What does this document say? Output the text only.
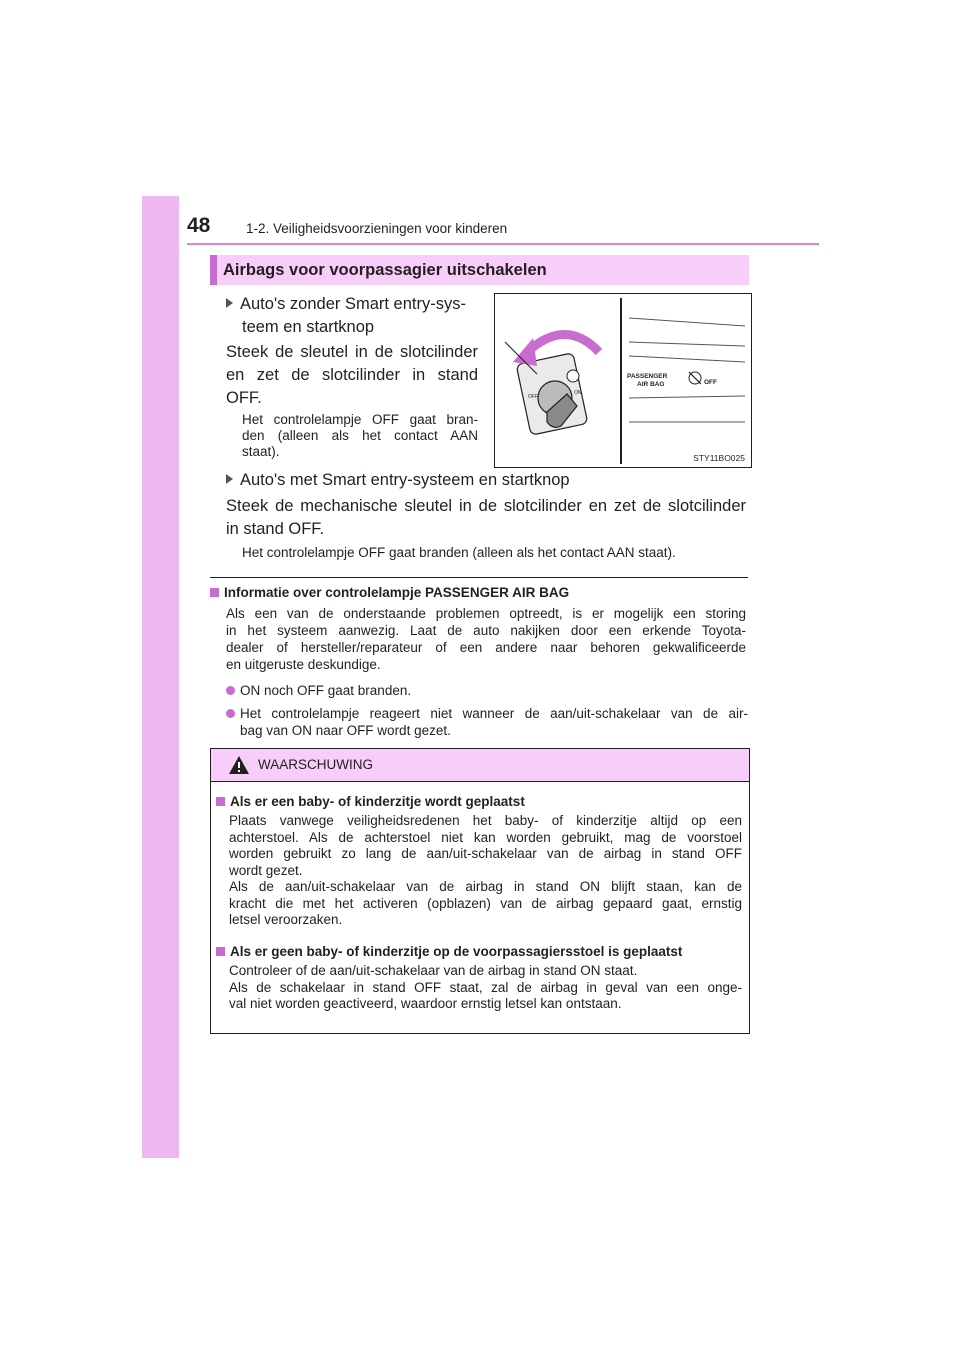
48	1-2. Veiligheidsvoorzieningen voor kinderen
Airbags voor voorpassagier uitschakelen
Auto's zonder Smart entry-sys-
teem en startknop
Steek de sleutel in de slotcilinder
en zet de slotcilinder in stand
OFF.
Het controlelampje OFF gaat bran-
den (alleen als het contact AAN
staat).
PASSENGER
AIR BAG	OFF
ON
OFF
STY11BO025
Auto's met Smart entry-systeem en startknop
Steek de mechanische sleutel in de slotcilinder en zet de slotcilinder
in stand OFF.
Het controlelampje OFF gaat branden (alleen als het contact AAN staat).
Informatie over controlelampje PASSENGER AIR BAG
Als een van de onderstaande problemen optreedt, is er mogelijk een storing
in het systeem aanwezig. Laat de auto nakijken door een erkende Toyota-
dealer of hersteller/reparateur of een andere naar behoren gekwalificeerde
en uitgeruste deskundige.
ON noch OFF gaat branden.
Het controlelampje reageert niet wanneer de aan/uit-schakelaar van de air-
bag van ON naar OFF wordt gezet.
WAARSCHUWING
Als er een baby- of kinderzitje wordt geplaatst
Plaats vanwege veiligheidsredenen het baby- of kinderzitje altijd op een
achterstoel. Als de achterstoel niet kan worden gebruikt, mag de voorstoel
worden gebruikt zo lang de aan/uit-schakelaar van de airbag in stand OFF
wordt gezet.
Als de aan/uit-schakelaar van de airbag in stand ON blijft staan, kan de
kracht die met het activeren (opblazen) van de airbag gepaard gaat, ernstig
letsel veroorzaken.
Als er geen baby- of kinderzitje op de voorpassagiersstoel is geplaatst
Controleer of de aan/uit-schakelaar van de airbag in stand ON staat.
Als de schakelaar in stand OFF staat, zal de airbag in geval van een onge-
val niet worden geactiveerd, waardoor ernstig letsel kan ontstaan.
